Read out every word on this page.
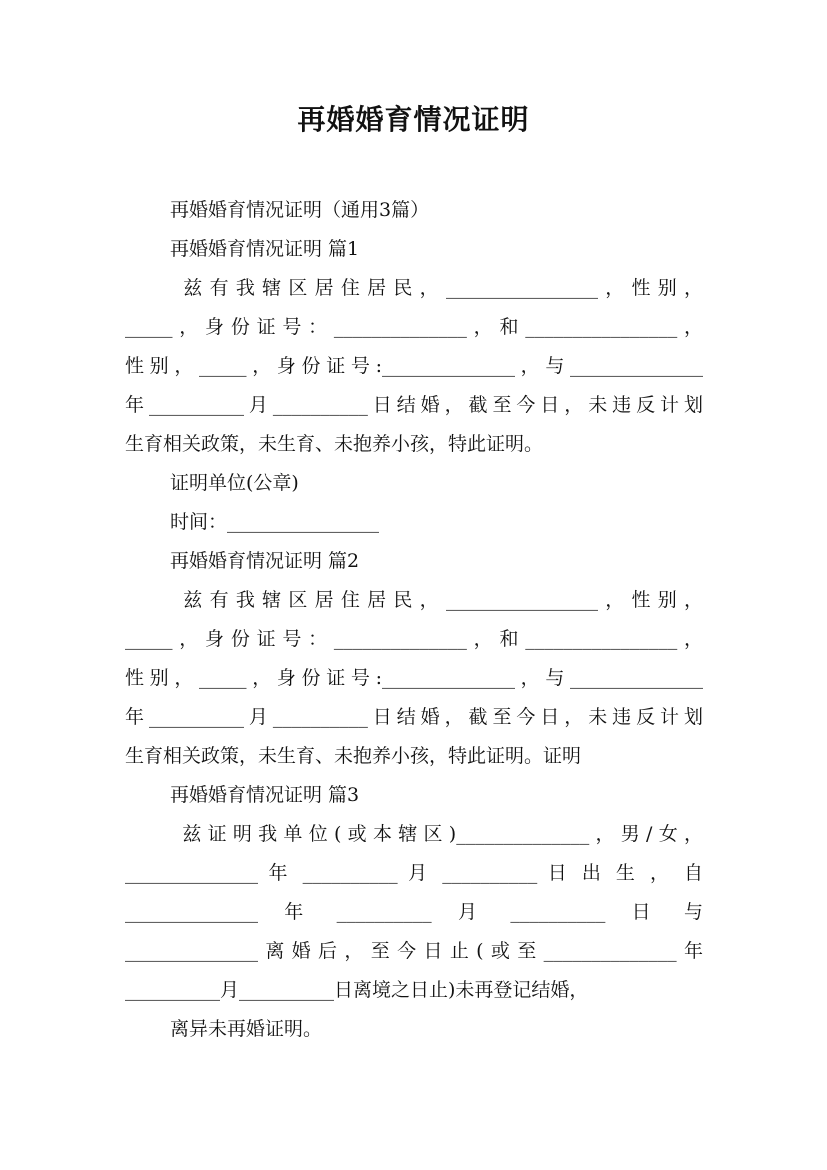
再婚婚育情况证明
再婚婚育情况证明（通用3篇）
再婚婚育情况证明 篇1
兹有我辖区居住居民，________________，性别，
_____，身份证号：______________，和________________，
性别，_____，身份证号:______________，与______________
年__________月__________日结婚，截至今日，未违反计划
生育相关政策，未生育、未抱养小孩，特此证明。
证明单位(公章)
时间：________________
再婚婚育情况证明 篇2
兹有我辖区居住居民，________________，性别，
_____，身份证号：______________，和________________，
性别，_____，身份证号:______________，与______________
年__________月__________日结婚，截至今日，未违反计划
生育相关政策，未生育、未抱养小孩，特此证明。证明
再婚婚育情况证明 篇3
兹证明我单位(或本辖区)______________，男/女，
______________ 年 __________ 月 __________ 日 出 生 ， 自
______________  年  __________  月  __________  日  与
______________离婚后，至今日止(或至______________年
__________月__________日离境之日止)未再登记结婚，
离异未再婚证明。
